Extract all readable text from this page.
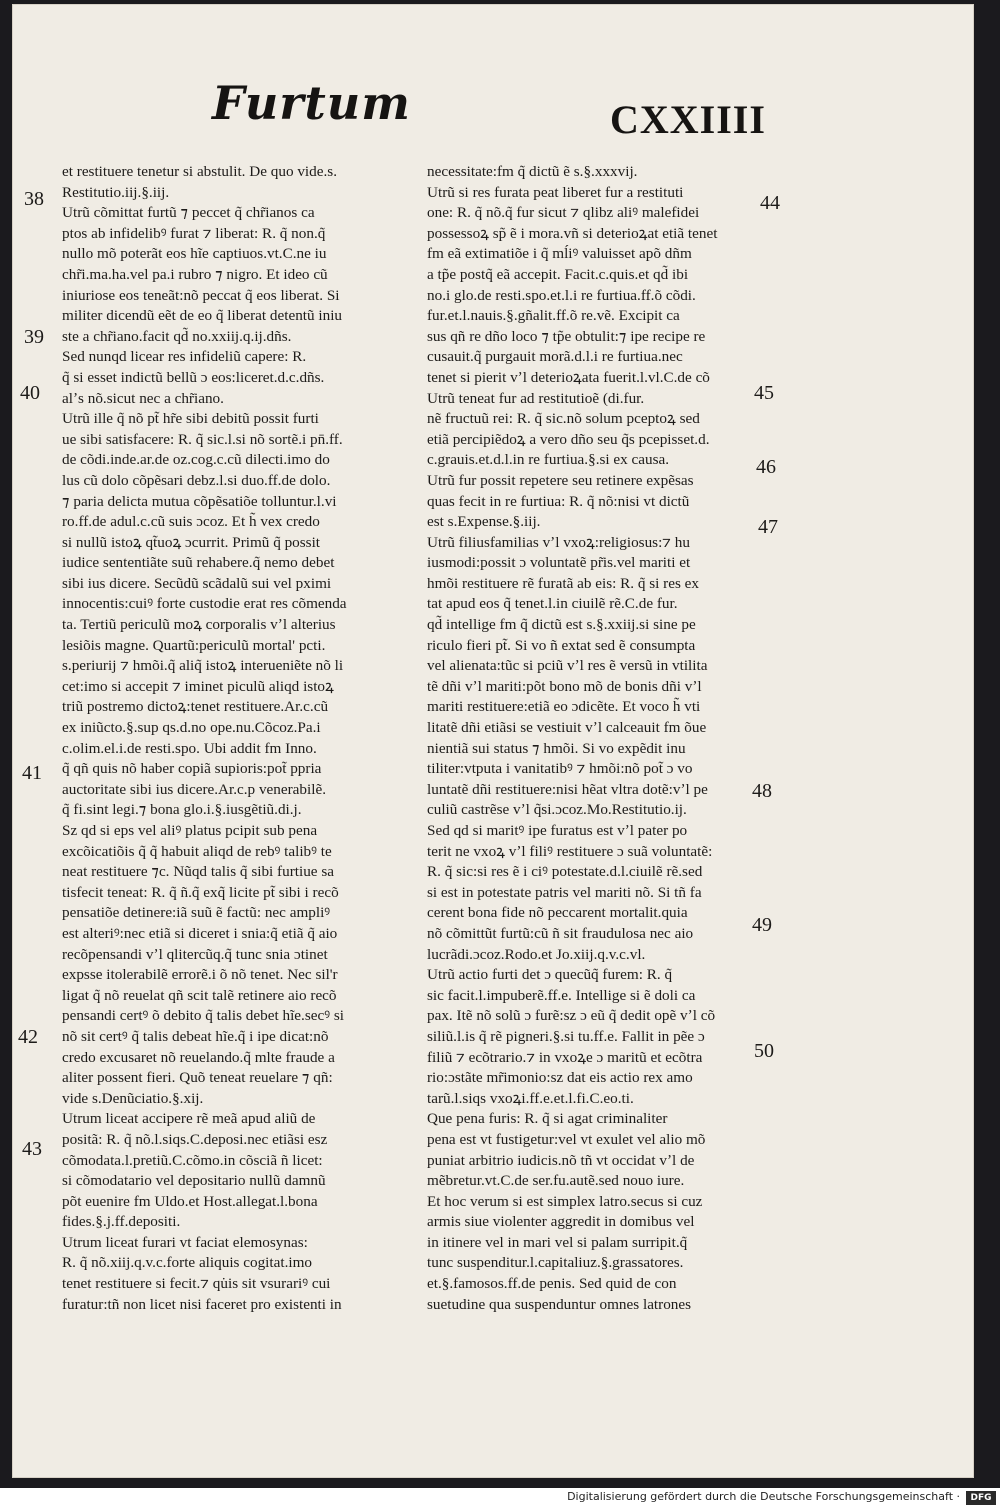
Furtum	CXXIIII
et restituere tenetur si abstulit. De quo vide.s.
Restitutio.iij.§.iij.
Utrũ cõmittat furtũ ⁊ peccet q̃ chr̃ianos ca
ptos ab infidelibꝰ furat ⁊ liberat: R. q̃ non.q̃
nullo mõ poterãt eos hĩe captiuos.vt.C.ne iu
chr̃i.ma.ha.vel pa.i rubro ⁊ nigro. Et ideo cũ
iniuriose eos teneãt:nõ peccat q̃ eos liberat. Si
militer dicendũ eẽt de eo q̃ liberat detentũ iniu
ste a chr̃iano.facit qd̃ no.xxiij.q.ij.dñs.
Sed nunqd licear res infideliũ capere: R.
q̃ si esset indictũ bellũ ɔ eos:liceret.d.c.dñs.
alʼs nõ.sicut nec a chr̃iano.
Utrũ ille q̃ nõ pt̃ hr̃e sibi debitũ possit furti
ue sibi satisfacere: R. q̃ sic.l.si nõ sortẽ.i pn̄.ff.
de cõdi.inde.ar.de oz.cog.c.cũ dilecti.imo do
lus cũ dolo cõpẽsari debz.l.si duo.ff.de dolo.
⁊ paria delicta mutua cõpẽsatiõe tolluntur.l.vi
ro.ff.de adul.c.cũ suis ɔcoz. Et h̃ vex credo
si nullũ istoꝝ qt̃uoꝝ ɔcurrit. Primũ q̃ possit
iudice sententiãte suũ rehabere.q̃ nemo debet
sibi ius dicere. Secũdũ scãdalũ sui vel pximi
innocentis:cuiꝰ forte custodie erat res cõmenda
ta. Tertiũ periculũ moꝝ corporalis vʼl alterius
lesiõis magne. Quartũ:periculũ mortal' pcti.
s.periurij ⁊ hmõi.q̃ aliq̃ istoꝝ interueniẽte nõ li
cet:imo si accepit ⁊ iminet piculũ aliqd istoꝝ
triũ postremo dictoꝝ:tenet restituere.Ar.c.cũ
ex iniũcto.§.sup qs.d.no ope.nu.Cõcoz.Pa.i
c.olim.el.i.de resti.spo. Ubi addit fm Inno.
q̃ qñ quis nõ haber copiã supioris:pot̃ ppria
auctoritate sibi ius dicere.Ar.c.p venerabilẽ.
q̃ fi.sint legi.⁊ bona glo.i.§.iusgẽtiũ.di.j.
Sz qd si eps vel aliꝰ platus pcipit sub pena
excõicatiõis q̃ q̃ habuit aliqd de rebꝰ talibꝰ te
neat restituere ⁊c. Nũqd talis q̃ sibi furtiue sa
tisfecit teneat: R. q̃ ñ.q̃ exq̃ licite pt̃ sibi i recõ
pensatiõe detinere:iã suũ ẽ factũ: nec ampliꝰ
est alteriꝰ:nec etiã si diceret i snia:q̃ etiã q̃ aio
recõpensandi vʼl qlitercũq.q̃ tunc snia ɔtinet
expsse itolerabilẽ errorẽ.i õ nõ tenet. Nec sil'r
ligat q̃ nõ reuelat qñ scit talẽ retinere aio recõ
pensandi certꝰ õ debito q̃ talis debet hĩe.secꝰ si
nõ sit certꝰ q̃ talis debeat hĩe.q̃ i ipe dicat:nõ
credo excusaret nõ reuelando.q̃ mlte fraude a
aliter possent fieri. Quõ teneat reuelare ⁊ qñ:
vide s.Denũciatio.§.xij.
Utrum liceat accipere rẽ meã apud aliũ de
positã: R. q̃ nõ.l.siqs.C.deposi.nec etiãsi esz
cõmodata.l.pretiũ.C.cõmo.in cõsciã ñ licet:
si cõmodatario vel depositario nullũ damnũ
põt euenire fm Uldo.et Host.allegat.l.bona
fides.§.j.ff.depositi.
Utrum liceat furari vt faciat elemosynas:
R. q̃ nõ.xiij.q.v.c.forte aliquis cogitat.imo
tenet restituere si fecit.⁊ qu̇is sit vsurariꝰ cui
furatur:tñ non licet nisi faceret pro existenti in
necessitate:fm q̃ dictũ ẽ s.§.xxxvij.
Utrũ si res furata peat liberet fur a restituti
one: R. q̃ nõ.q̃ fur sicut ⁊ qlibz aliꝰ malefidei
possessoꝝ sp̃ ẽ i mora.vñ si deterioꝝat etiã tenet
fm eã extimatiõe i q̃ mĺiꝰ valuisset apõ dñm
a tp̃e postq̃ eã accepit. Facit.c.quis.et qd̃ ibi
no.i glo.de resti.spo.et.l.i re furtiua.ff.õ cõdi.
fur.et.l.nauis.§.gñalit.ff.õ re.vẽ. Excipit ca
sus qñ re dño loco ⁊ tp̃e obtulit:⁊ ipe recipe re
cusauit.q̃ purgauit morã.d.l.i re furtiua.nec
tenet si pierit vʼl deterioꝝata fuerit.l.vl.C.de cõ
Utrũ teneat fur ad restitutioẽ (di.fur.
nẽ fructuũ rei: R. q̃ sic.nõ solum pceptoꝝ sed
etiã percipiẽdoꝝ a vero dño seu q̃s pcepisset.d.
c.grauis.et.d.l.in re furtiua.§.si ex causa.
Utrũ fur possit repetere seu retinere expẽsas
quas fecit in re furtiua: R. q̃ nõ:nisi vt dictũ
est s.Expense.§.iij.
Utrũ filiusfamilias vʼl vxoꝝ:religiosus:⁊ hu
iusmodi:possit ɔ voluntatẽ pr̃is.vel mariti et
hmõi restituere rẽ furatã ab eis: R. q̃ si res ex
tat apud eos q̃ tenet.l.in ciuilẽ rẽ.C.de fur.
qd̃ intellige fm q̃ dictũ est s.§.xxiij.si sine pe
riculo fieri pt̃. Si vo ñ extat sed ẽ consumpta
vel alienata:tũc si pciũ vʼl res ẽ versũ in vtilita
tẽ dñi vʼl mariti:põt bono mõ de bonis dñi vʼl
mariti restituere:etiã eo ɔdicẽte. Et voco h̃ vti
litatẽ dñi etiãsi se vestiuit vʼl calceauit fm õue
nientiã sui status ⁊ hmõi. Si vo expẽdit inu
tiliter:vtputa i vanitatibꝰ ⁊ hmõi:nõ pot̃ ɔ vo
luntatẽ dñi restituere:nisi hẽat vltra dotẽ:vʼl pe
culiũ castrẽse vʼl q̃si.ɔcoz.Mo.Restitutio.ij.
Sed qd si maritꝰ ipe furatus est vʼl pater po
terit ne vxoꝝ vʼl filiꝰ restituere ɔ suã voluntatẽ:
R. q̃ sic:si res ẽ i ciꝰ potestate.d.l.ciuilẽ rẽ.sed
si est in potestate patris vel mariti nõ. Si tñ fa
cerent bona fide nõ peccarent mortalit.quia
nõ cõmittũt furtũ:cũ ñ sit fraudulosa nec aio
lucrãdi.ɔcoz.Rodo.et Jo.xiij.q.v.c.vl.
Utrũ actio furti det ɔ quecũq̃ furem: R. q̃
sic facit.l.impuberẽ.ff.e. Intellige si ẽ doli ca
pax. Itẽ nõ solũ ɔ furẽ:sz ɔ eũ q̃ dedit opẽ vʼl cõ
siliũ.l.is q̃ rẽ pigneri.§.si tu.ff.e. Fallit in pẽe ɔ
filiũ ⁊ ecõtrario.⁊ in vxoꝝe ɔ maritũ et ecõtra
rio:ɔstãte mr̃imonio:sz dat eis actio rex amo
tarũ.l.siqs vxoꝝi.ff.e.et.l.fi.C.eo.ti.
Que pena furis: R. q̃ si agat criminaliter
pena est vt fustigetur:vel vt exulet vel alio mõ
puniat arbitrio iudicis.nõ tñ vt occidat vʼl de
mẽbretur.vt.C.de ser.fu.autẽ.sed nouo iure.
Et hoc verum si est simplex latro.secus si cuz
armis siue violenter aggredit in domibus vel
in itinere vel in mari vel si palam surripit.q̃
tunc suspenditur.l.capitaliuz.§.grassatores.
et.§.famosos.ff.de penis. Sed quid de con
suetudine qua suspenduntur omnes latrones
38
39
40
41
42
43
44
45
46
47
48
49
50
Digitalisierung gefördert durch die Deutsche Forschungsgemeinschaft ·	DFG
